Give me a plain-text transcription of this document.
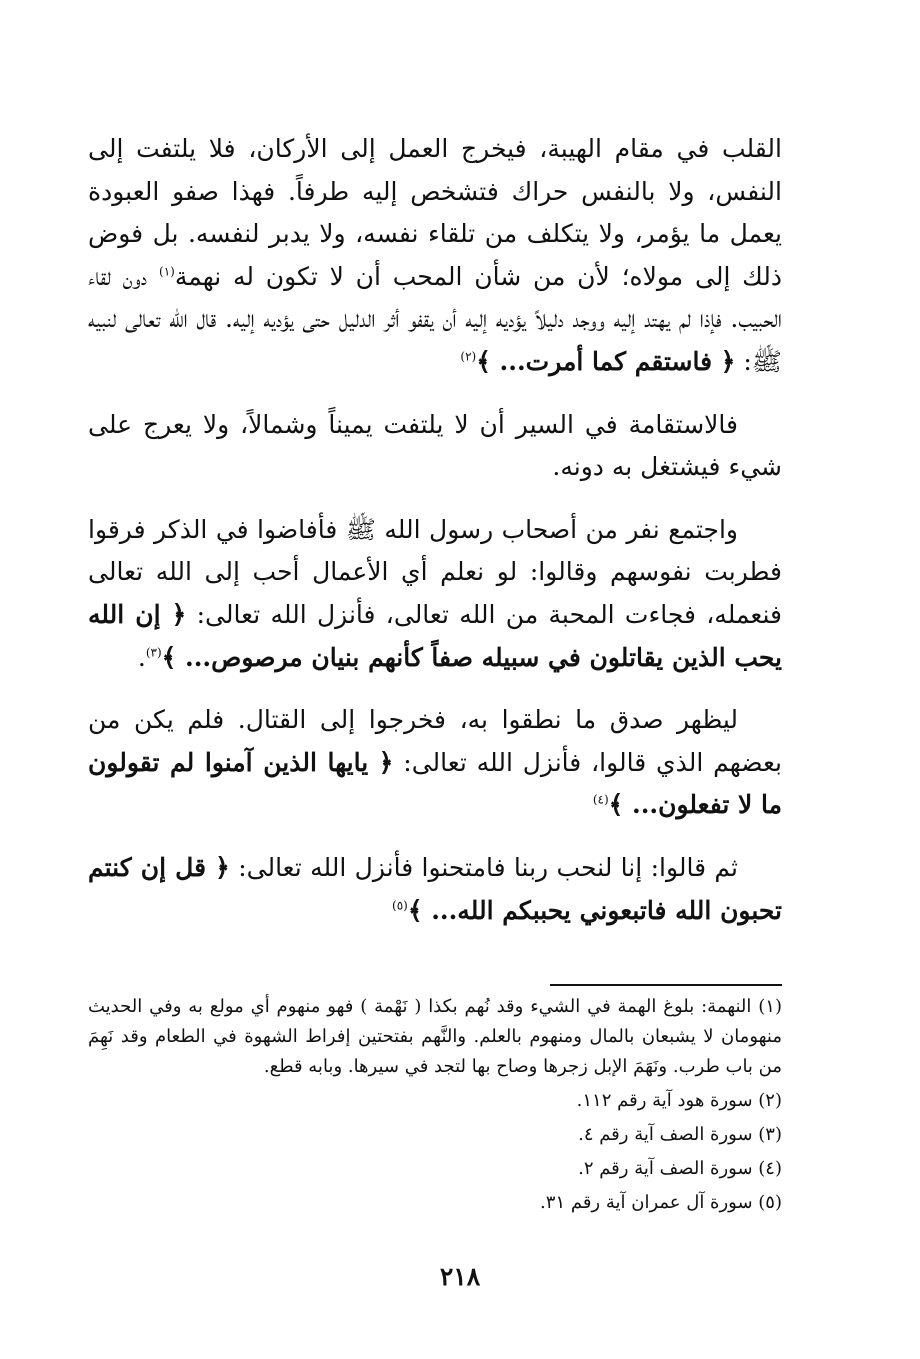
القلب في مقام الهيبة، فيخرج العمل إلى الأركان، فلا يلتفت إلى النفس، ولا بالنفس حراك فتشخص إليه طرفاً. فهذا صفو العبودة يعمل ما يؤمر، ولا يتكلف من تلقاء نفسه، ولا يدبر لنفسه. بل فوض ذلك إلى مولاه؛ لأن من شأن المحب أن لا تكون له نهمة$^{(١)}$ دون لقاء الحبيب. فإذا لم يهتد إليه ووجد دليلاً يؤديه إليه أن يقفو أثر الدليل حتى يؤديه إليه. قال الله تعالى لنبيه ﷺ: ﴿ فاستقم كما أمرت... ﴾$^{(٢)}$
فالاستقامة في السير أن لا يلتفت يميناً وشمالاً، ولا يعرج على شيء فيشتغل به دونه.
واجتمع نفر من أصحاب رسول الله ﷺ فأفاضوا في الذكر فرقوا فطربت نفوسهم وقالوا: لو نعلم أي الأعمال أحب إلى الله تعالى فنعمله، فجاءت المحبة من الله تعالى، فأنزل الله تعالى: ﴿ إن الله يحب الذين يقاتلون في سبيله صفاً كأنهم بنيان مرصوص... ﴾$^{(٣)}$.
ليظهر صدق ما نطقوا به، فخرجوا إلى القتال. فلم يكن من بعضهم الذي قالوا، فأنزل الله تعالى: ﴿ يايها الذين آمنوا لم تقولون ما لا تفعلون... ﴾$^{(٤)}$
ثم قالوا: إنا لنحب ربنا فامتحنوا فأنزل الله تعالى: ﴿ قل إن كنتم تحبون الله فاتبعوني يحببكم الله... ﴾$^{(٥)}$

(١) النهمة: بلوغ الهمة في الشيء وقد نُهم بكذا ( نَهْمة ) فهو منهوم أي مولع به وفي الحديث منهومان لا يشبعان بالمال ومنهوم بالعلم. والنَّهم بفتحتين إفراط الشهوة في الطعام وقد نَهِمَ من باب طرب. ونَهَمَ الإبل زجرها وصاح بها لتجد في سيرها. وبابه قطع.

(٢) سورة هود آية رقم ١١٢.

(٣) سورة الصف آية رقم ٤.

(٤) سورة الصف آية رقم ٢.

(٥) سورة آل عمران آية رقم ٣١.

٢١٨
